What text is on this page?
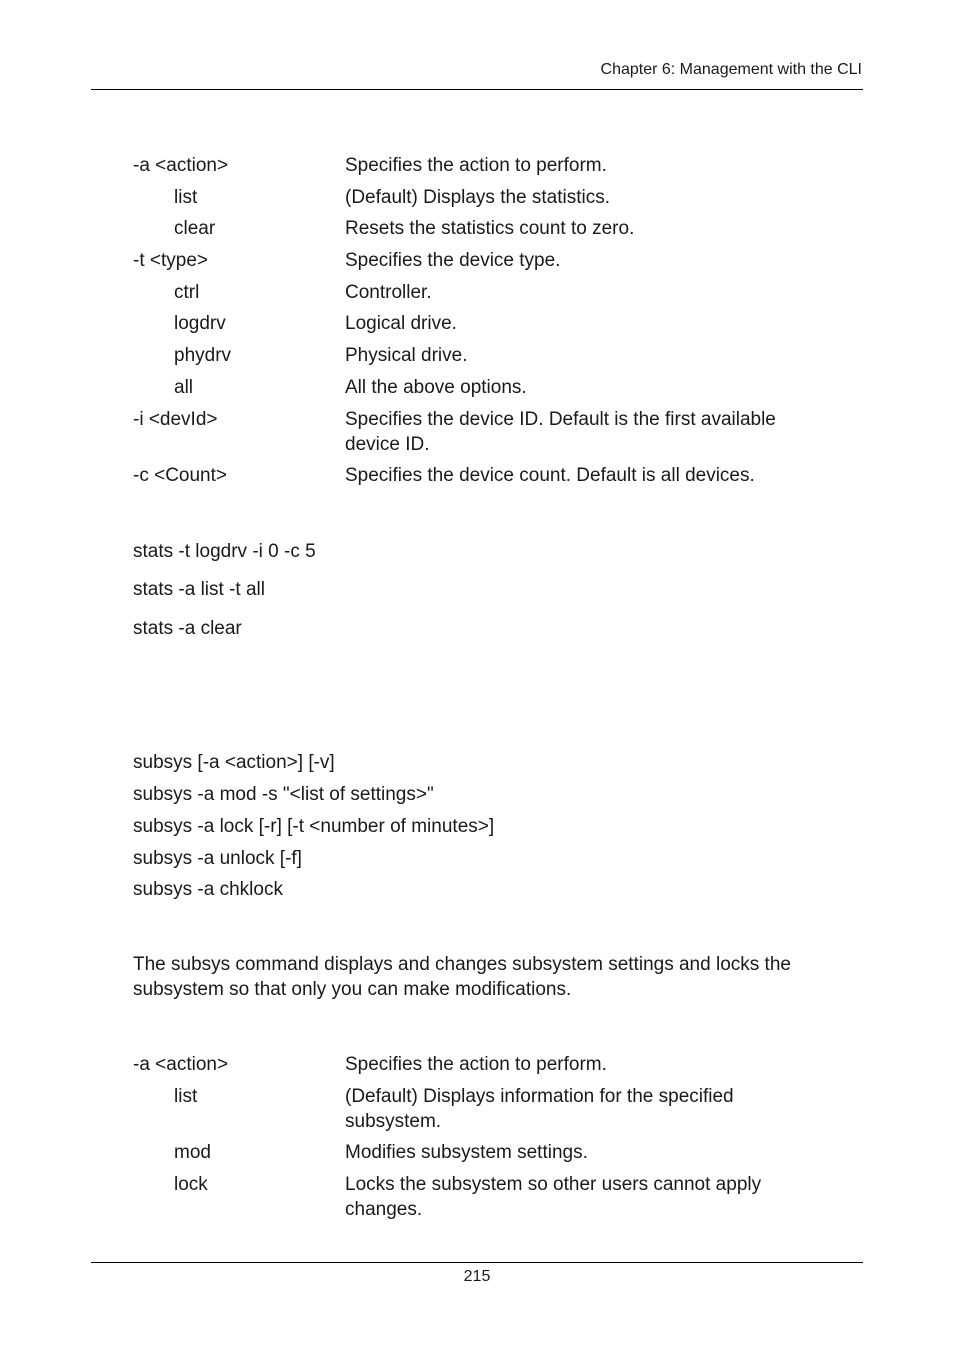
Chapter 6: Management with the CLI
-a <action>	Specifies the action to perform.
list	(Default) Displays the statistics.
clear	Resets the statistics count to zero.
-t <type>	Specifies the device type.
ctrl	Controller.
logdrv	Logical drive.
phydrv	Physical drive.
all	All the above options.
-i <devId>	Specifies the device ID. Default is the first available device ID.
-c <Count>	Specifies the device count. Default is all devices.
stats -t logdrv -i 0 -c 5
stats -a list -t all
stats -a clear
subsys [-a <action>] [-v]
subsys -a mod -s "<list of settings>"
subsys -a lock [-r] [-t <number of minutes>]
subsys -a unlock [-f]
subsys -a chklock
The subsys command displays and changes subsystem settings and locks the subsystem so that only you can make modifications.
-a <action>	Specifies the action to perform.
list	(Default) Displays information for the specified subsystem.
mod	Modifies subsystem settings.
lock	Locks the subsystem so other users cannot apply changes.
215
